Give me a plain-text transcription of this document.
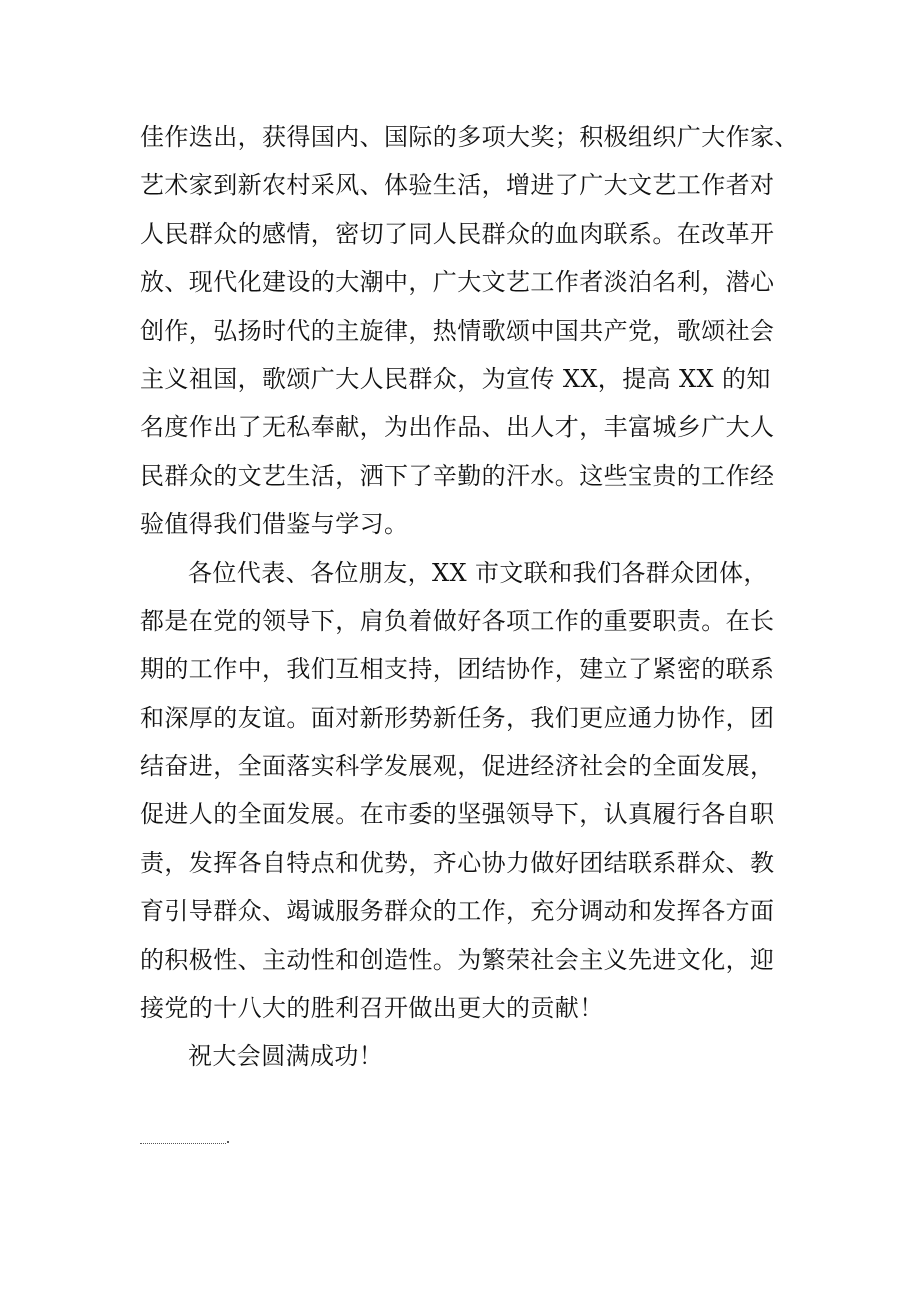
佳作迭出，获得国内、国际的多项大奖；积极组织广大作家、
艺术家到新农村采风、体验生活，增进了广大文艺工作者对
人民群众的感情，密切了同人民群众的血肉联系。在改革开
放、现代化建设的大潮中，广大文艺工作者淡泊名利，潜心
创作，弘扬时代的主旋律，热情歌颂中国共产党，歌颂社会
主义祖国，歌颂广大人民群众，为宣传 XX，提高 XX 的知
名度作出了无私奉献，为出作品、出人才，丰富城乡广大人
民群众的文艺生活，洒下了辛勤的汗水。这些宝贵的工作经
验值得我们借鉴与学习。
各位代表、各位朋友，XX 市文联和我们各群众团体，
都是在党的领导下，肩负着做好各项工作的重要职责。在长
期的工作中，我们互相支持，团结协作，建立了紧密的联系
和深厚的友谊。面对新形势新任务，我们更应通力协作，团
结奋进，全面落实科学发展观，促进经济社会的全面发展，
促进人的全面发展。在市委的坚强领导下，认真履行各自职
责，发挥各自特点和优势，齐心协力做好团结联系群众、教
育引导群众、竭诚服务群众的工作，充分调动和发挥各方面
的积极性、主动性和创造性。为繁荣社会主义先进文化，迎
接党的十八大的胜利召开做出更大的贡献！
祝大会圆满成功！
